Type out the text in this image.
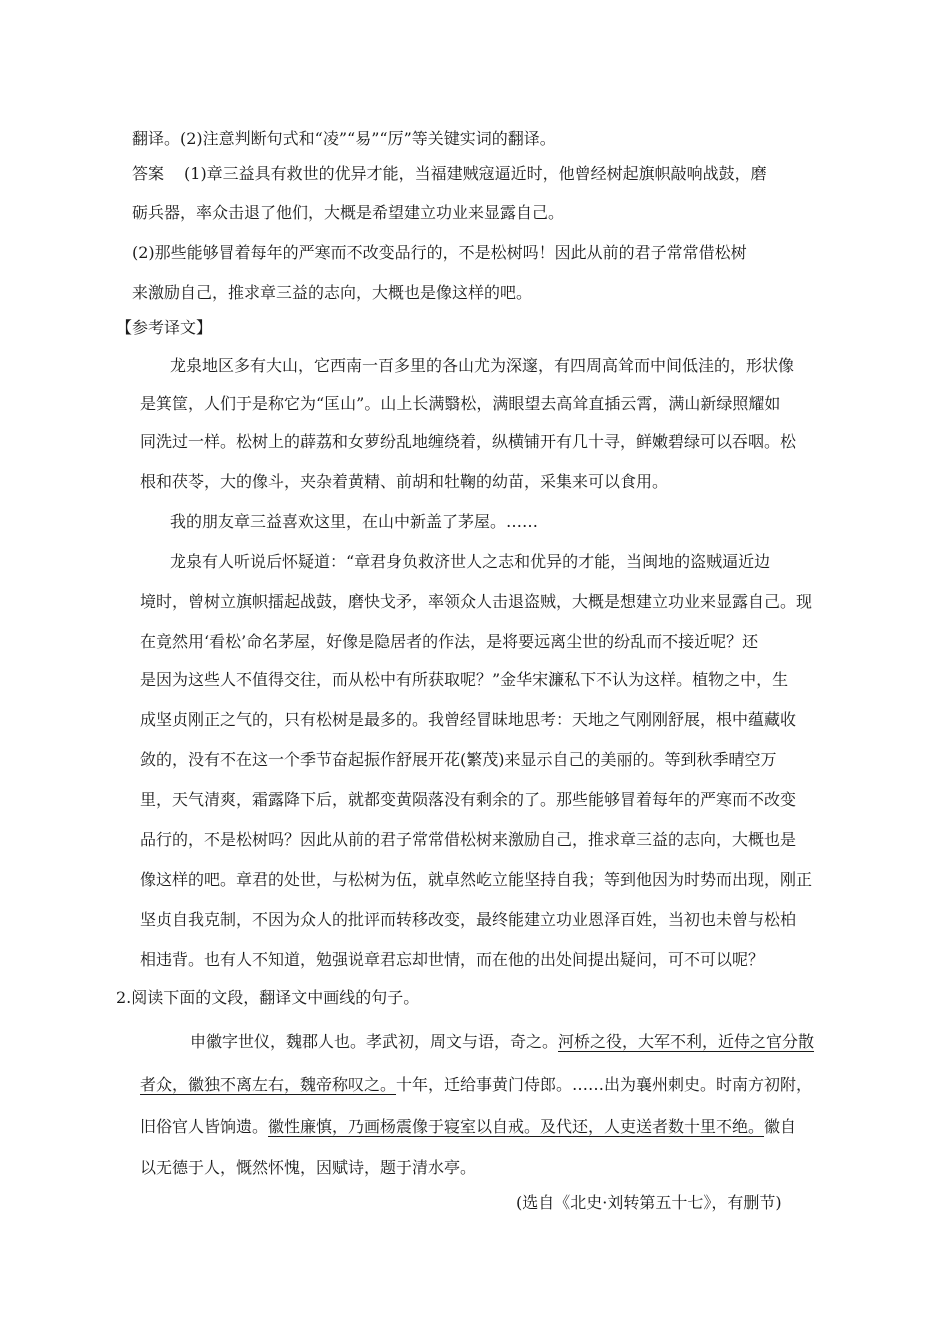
翻译。(2)注意判断句式和“凌”“易”“厉”等关键实词的翻译。
答案 (1)章三益具有救世的优异才能，当福建贼寇逼近时，他曾经树起旗帜敲响战鼓，磨
砺兵器，率众击退了他们，大概是希望建立功业来显露自己。
(2)那些能够冒着每年的严寒而不改变品行的，不是松树吗！因此从前的君子常常借松树
来激励自己，推求章三益的志向，大概也是像这样的吧。
【参考译文】
龙泉地区多有大山，它西南一百多里的各山尤为深邃，有四周高耸而中间低洼的，形状像
是箕筐，人们于是称它为“匡山”。山上长满翳松，满眼望去高耸直插云霄，满山新绿照耀如
同洗过一样。松树上的薜荔和女萝纷乱地缠绕着，纵横铺开有几十寻，鲜嫩碧绿可以吞咽。松
根和茯苓，大的像斗，夹杂着黄精、前胡和牡鞠的幼苗，采集来可以食用。
我的朋友章三益喜欢这里，在山中新盖了茅屋。……
龙泉有人听说后怀疑道：“章君身负救济世人之志和优异的才能，当闽地的盗贼逼近边
境时，曾树立旗帜擂起战鼓，磨快戈矛，率领众人击退盗贼，大概是想建立功业来显露自己。现
在竟然用‘看松’命名茅屋，好像是隐居者的作法，是将要远离尘世的纷乱而不接近呢？还
是因为这些人不值得交往，而从松中有所获取呢？”金华宋濂私下不认为这样。植物之中，生
成坚贞刚正之气的，只有松树是最多的。我曾经冒昧地思考：天地之气刚刚舒展，根中蕴藏收
敛的，没有不在这一个季节奋起振作舒展开花(繁茂)来显示自己的美丽的。等到秋季晴空万
里，天气清爽，霜露降下后，就都变黄陨落没有剩余的了。那些能够冒着每年的严寒而不改变
品行的，不是松树吗？因此从前的君子常常借松树来激励自己，推求章三益的志向，大概也是
像这样的吧。章君的处世，与松树为伍，就卓然屹立能坚持自我；等到他因为时势而出现，刚正
坚贞自我克制，不因为众人的批评而转移改变，最终能建立功业恩泽百姓，当初也未曾与松柏
相违背。也有人不知道，勉强说章君忘却世情，而在他的出处间提出疑问，可不可以呢？
2.阅读下面的文段，翻译文中画线的句子。
申徽字世仪，魏郡人也。孝武初，周文与语，奇之。河桥之役，大军不利，近侍之官分散
者众，徽独不离左右，魏帝称叹之。十年，迁给事黄门侍郎。……出为襄州刺史。时南方初附，
旧俗官人皆饷遗。徽性廉慎，乃画杨震像于寝室以自戒。及代还，人吏送者数十里不绝。徽自
以无德于人，慨然怀愧，因赋诗，题于清水亭。
(选自《北史·刘转第五十七》，有删节)
